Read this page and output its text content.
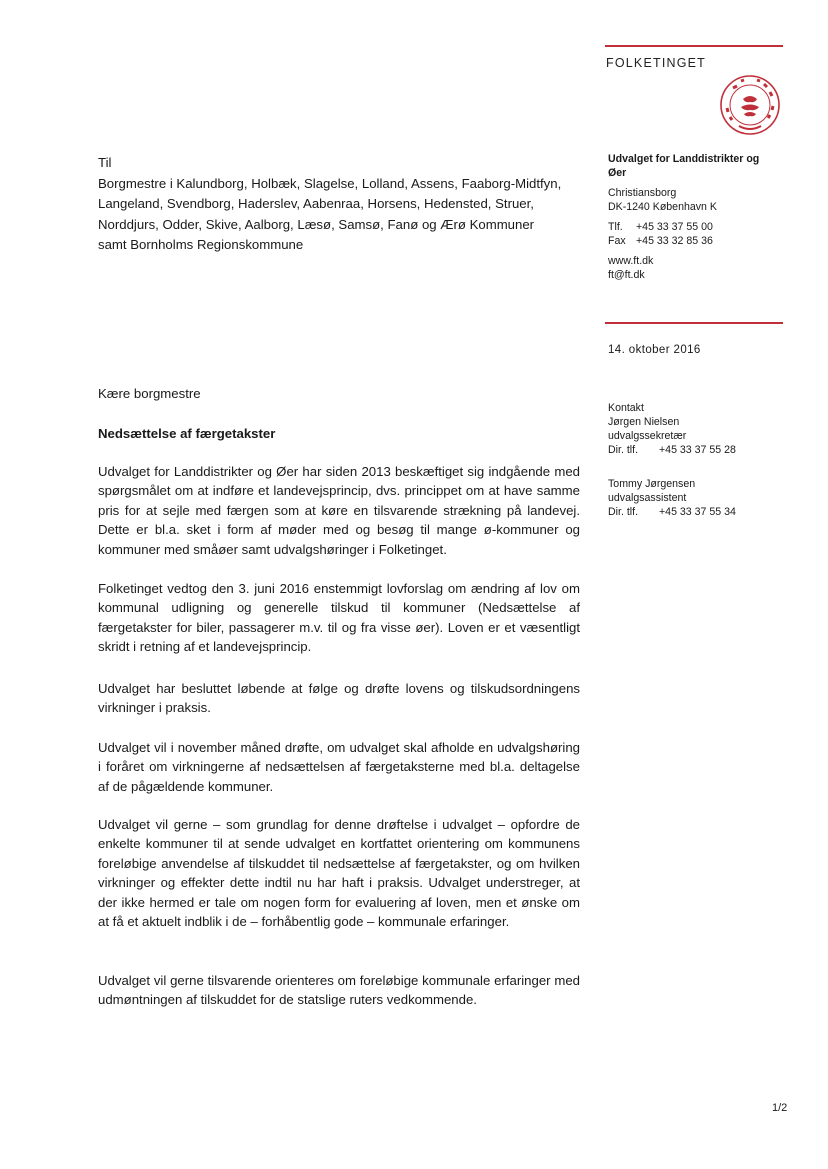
FOLKETINGET
Til
Borgmestre i Kalundborg, Holbæk, Slagelse, Lolland, Assens, Faaborg-Midtfyn,
Langeland, Svendborg, Haderslev, Aabenraa, Horsens, Hedensted, Struer,
Norddjurs, Odder, Skive, Aalborg, Læsø, Samsø, Fanø og Ærø Kommuner
samt Bornholms Regionskommune
Udvalget for Landdistrikter og
Øer
Christiansborg
DK-1240 København K
Tlf.	+45 33 37 55 00
Fax +45 33 32 85 36
www.ft.dk
ft@ft.dk
14. oktober 2016
Kontakt
Jørgen Nielsen
udvalgssekretær
Dir. tlf.	+45 33 37 55 28
Tommy Jørgensen
udvalgsassistent
Dir. tlf.	+45 33 37 55 34
Kære borgmestre
Nedsættelse af færgetakster
Udvalget for Landdistrikter og Øer har siden 2013 beskæftiget sig indgående med spørgsmålet om at indføre et landevejsprincip, dvs. princippet om at have samme pris for at sejle med færgen som at køre en tilsvarende strækning på landevej. Dette er bl.a. sket i form af møder med og besøg til mange ø-kommuner og kommuner med småøer samt udvalgshøringer i Folketinget.
Folketinget vedtog den 3. juni 2016 enstemmigt lovforslag om ændring af lov om kommunal udligning og generelle tilskud til kommuner (Nedsættelse af færgetakster for biler, passagerer m.v. til og fra visse øer). Loven er et væsentligt skridt i retning af et landevejsprincip.
Udvalget har besluttet løbende at følge og drøfte lovens og tilskudsordningens virkninger i praksis.
Udvalget vil i november måned drøfte, om udvalget skal afholde en udvalgshøring i foråret om virkningerne af nedsættelsen af færgetaksterne med bl.a. deltagelse af de pågældende kommuner.
Udvalget vil gerne – som grundlag for denne drøftelse i udvalget – opfordre de enkelte kommuner til at sende udvalget en kortfattet orientering om kommunens foreløbige anvendelse af tilskuddet til nedsættelse af færgetakster, og om hvilken virkninger og effekter dette indtil nu har haft i praksis. Udvalget understreger, at der ikke hermed er tale om nogen form for evaluering af loven, men et ønske om at få et aktuelt indblik i de – forhåbentlig gode – kommunale erfaringer.
Udvalget vil gerne tilsvarende orienteres om foreløbige kommunale erfaringer med udmøntningen af tilskuddet for de statslige ruters vedkommende.
1/2
